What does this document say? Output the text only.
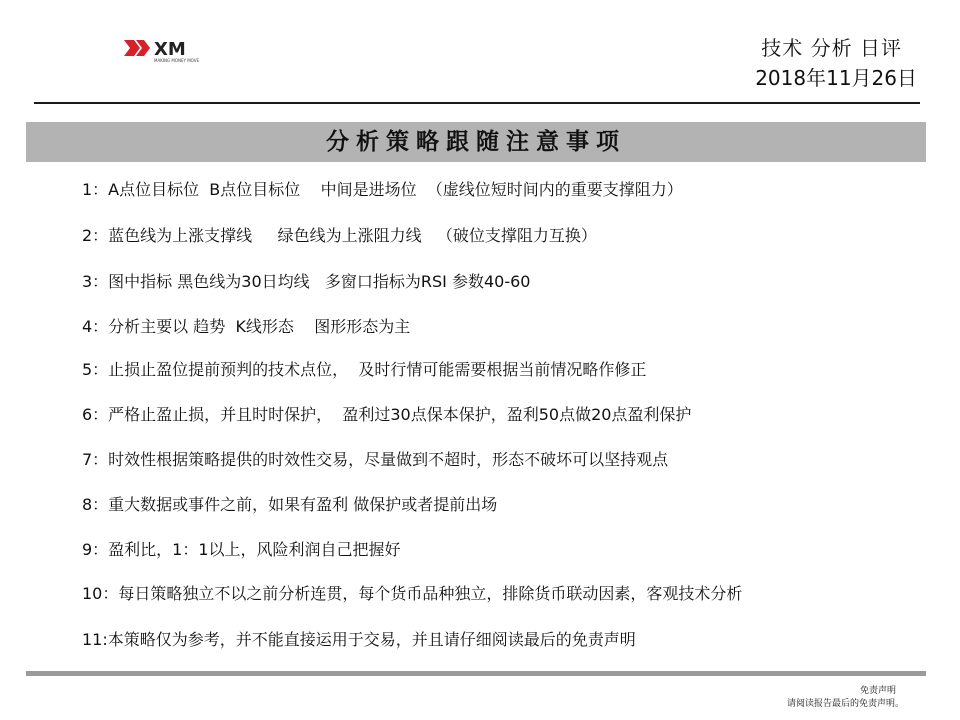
XM
MAKING MONEY MOVE
技术 分析 日评
2018年11月26日
分析策略跟随注意事项
1：A点位目标位  B点位目标位    中间是进场位  （虚线位短时间内的重要支撑阻力）
2：蓝色线为上涨支撑线     绿色线为上涨阻力线   （破位支撑阻力互换）
3：图中指标 黑色线为30日均线   多窗口指标为RSI 参数40-60
4：分析主要以 趋势  K线形态    图形形态为主
5：止损止盈位提前预判的技术点位，  及时行情可能需要根据当前情况略作修正
6：严格止盈止损，并且时时保护，  盈利过30点保本保护，盈利50点做20点盈利保护
7：时效性根据策略提供的时效性交易，尽量做到不超时，形态不破坏可以坚持观点
8：重大数据或事件之前，如果有盈利 做保护或者提前出场
9：盈利比，1：1以上，风险利润自己把握好
10：每日策略独立不以之前分析连贯，每个货币品种独立，排除货币联动因素，客观技术分析
11:本策略仅为参考，并不能直接运用于交易，并且请仔细阅读最后的免责声明
免责声明
请阅读报告最后的免责声明。
